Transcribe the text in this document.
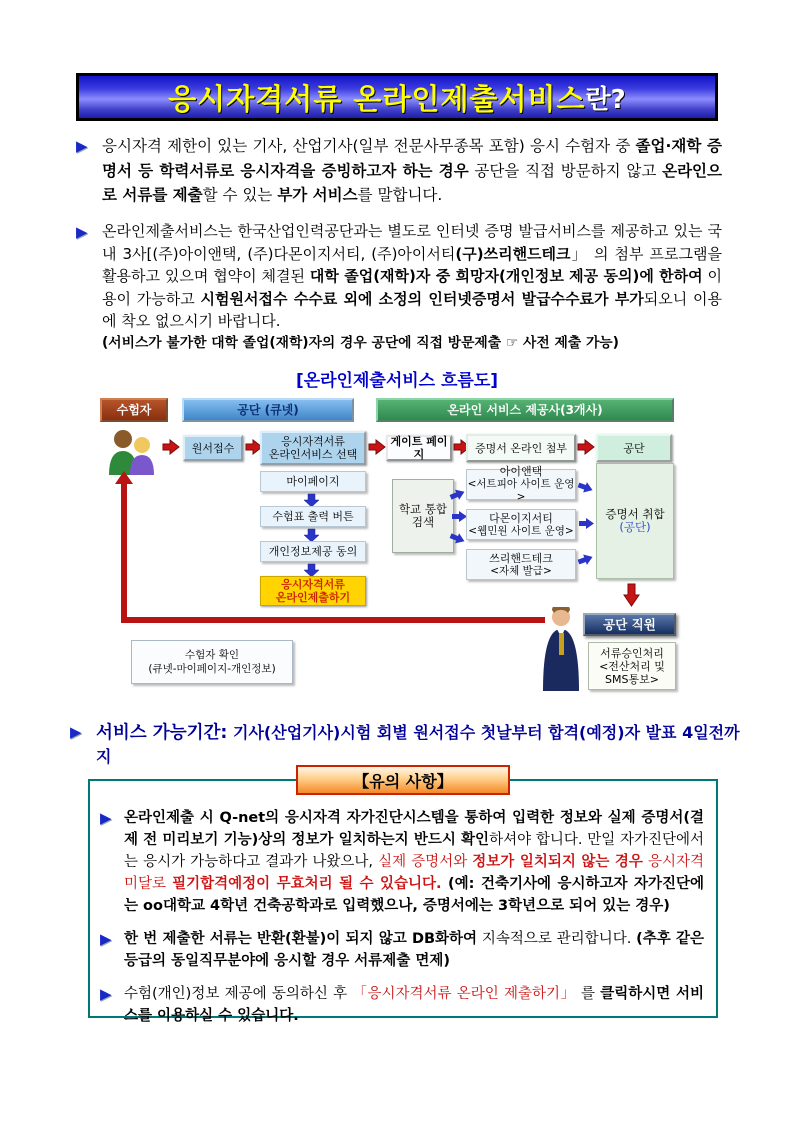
응시자격서류 온라인제출서비스 란?
▶ 응시자격 제한이 있는 기사, 산업기사(일부 전문사무종목 포함) 응시 수험자 중 졸업·재학 증명서 등 학력서류로 응시자격을 증빙하고자 하는 경우 공단을 직접 방문하지 않고 온라인으로 서류를 제출할 수 있는 부가 서비스를 말합니다.
▶ 온라인제출서비스는 한국산업인력공단과는 별도로 인터넷 증명 발급서비스를 제공하고 있는 국내 3사[(주)아이앤택, (주)다몬이지서티, (주)아이서티(구)쓰리핸드테크」 의 첨부 프로그램을 활용하고 있으며 협약이 체결된 대학 졸업(재학)자 중 희망자(개인정보 제공 동의)에 한하여 이용이 가능하고 시험원서접수 수수료 외에 소정의 인터넷증명서 발급수수료가 부가되오니 이용에 착오 없으시기 바랍니다.
(서비스가 불가한 대학 졸업(재학)자의 경우 공단에 직접 방문제출 ☞ 사전 제출 가능)
[온라인제출서비스 흐름도]
수험자	공단 (큐넷)	온라인 서비스 제공사(3개사)
원서접수	응시자격서류
온라인서비스 선택
게이트 페이지	증명서 온라인 첨부	공단
마이페이지
수험표 출력 버튼
개인정보제공 동의
응시자격서류
온라인제출하기
학교 통합 검색
아이앤택
<서트피아 사이트 운영>
다몬이지서티
<웹민원 사이트 운영>
쓰리핸드테크
<자체 발급>
증명서 취합
(공단)
공단 직원
서류승인처리
<전산처리 및
SMS통보>
수험자 확인
(큐넷-마이페이지-개인정보)
▶ 서비스 가능기간: 기사(산업기사)시험 회별 원서접수 첫날부터 합격(예정)자 발표 4일전까지
【유의 사항】
▶ 온라인제출 시 Q-net의 응시자격 자가진단시스템을 통하여 입력한 정보와 실제 증명서(결제 전 미리보기 기능)상의 정보가 일치하는지 반드시 확인하셔야 합니다. 만일 자가진단에서는 응시가 가능하다고 결과가 나왔으나, 실제 증명서와 정보가 일치되지 않는 경우 응시자격 미달로 필기합격예정이 무효처리 될 수 있습니다. (예: 건축기사에 응시하고자 자가진단에는 oo대학교 4학년 건축공학과로 입력했으나, 증명서에는 3학년으로 되어 있는 경우)
▶ 한 번 제출한 서류는 반환(환불)이 되지 않고 DB화하여 지속적으로 관리합니다. (추후 같은 등급의 동일직무분야에 응시할 경우 서류제출 면제)
▶ 수험(개인)정보 제공에 동의하신 후 「응시자격서류 온라인 제출하기」 를 클릭하시면 서비스를 이용하실 수 있습니다.
